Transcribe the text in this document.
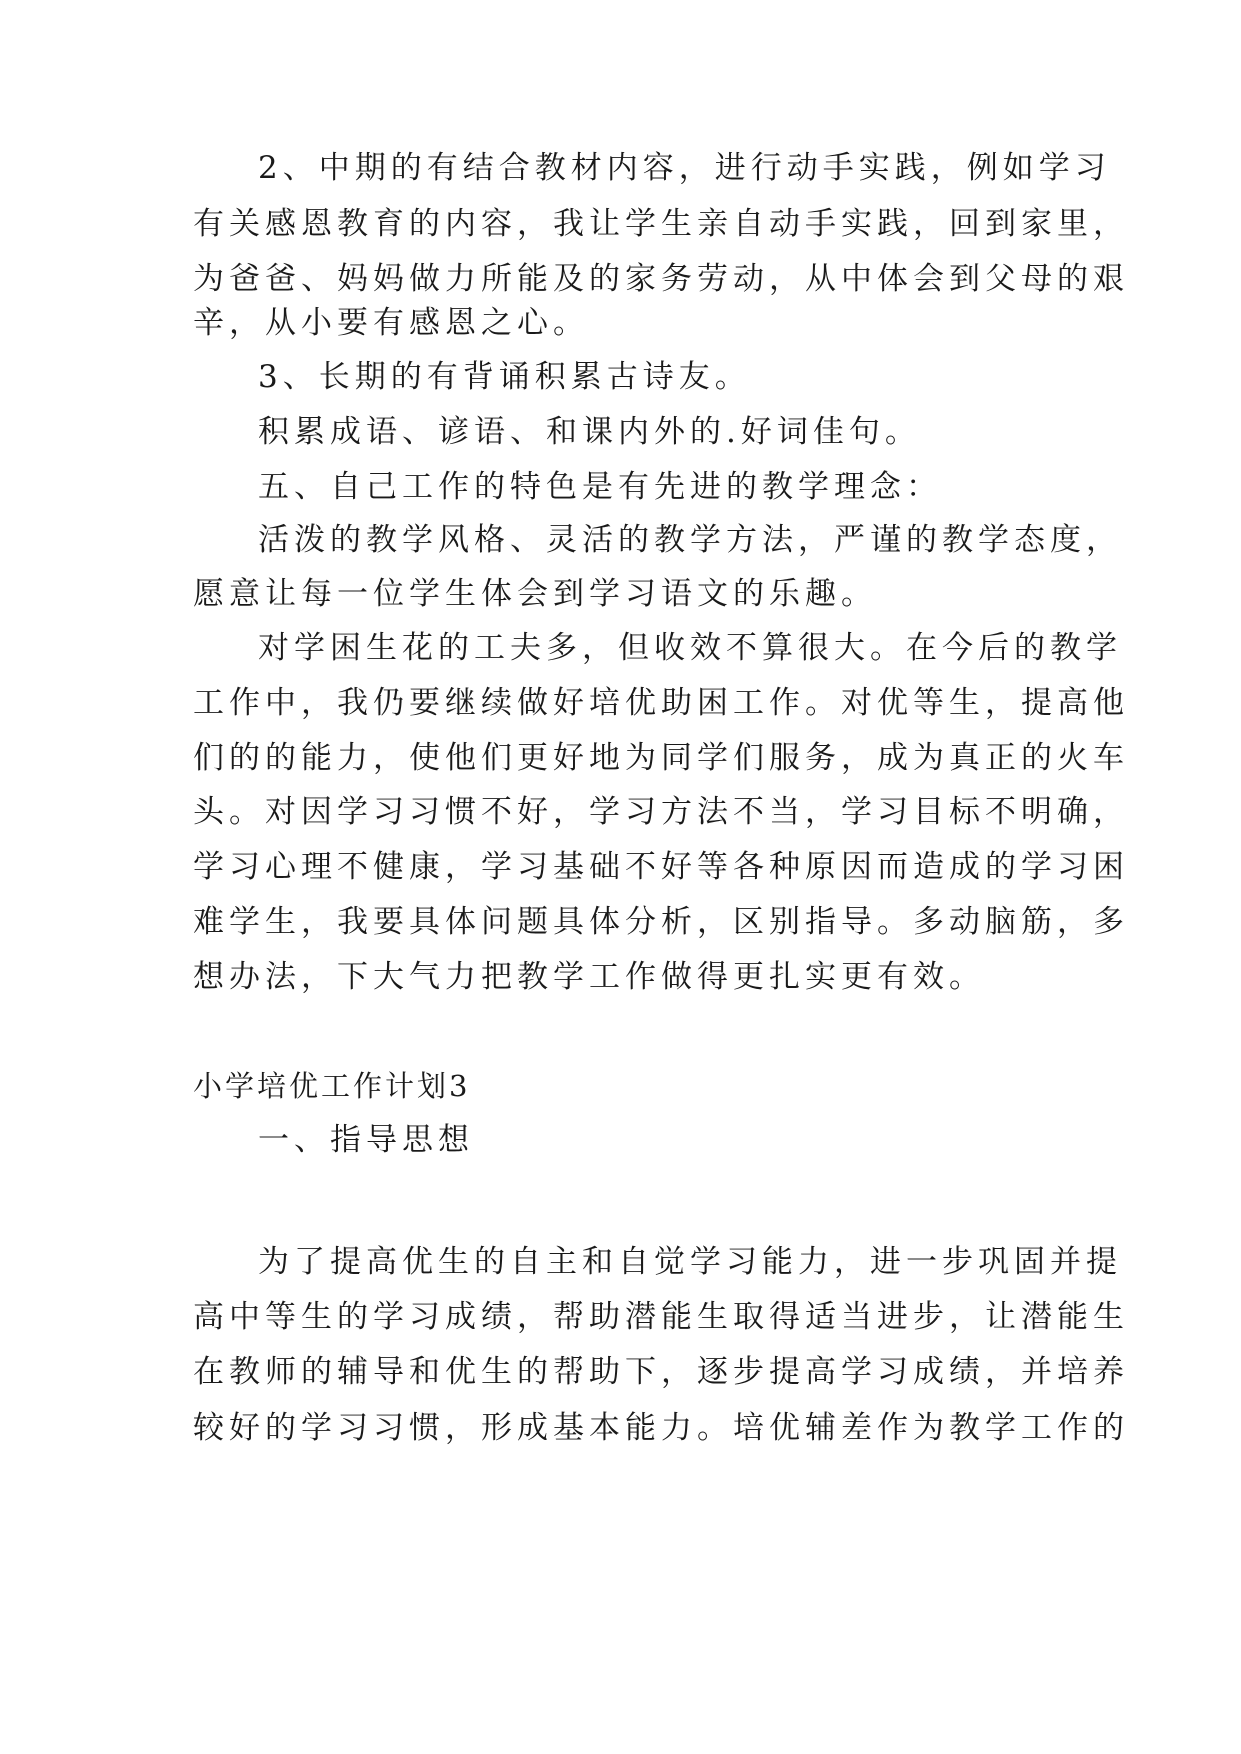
2、中期的有结合教材内容，进行动手实践，例如学习
有关感恩教育的内容，我让学生亲自动手实践，回到家里，
为爸爸、妈妈做力所能及的家务劳动，从中体会到父母的艰
辛，从小要有感恩之心。
3、长期的有背诵积累古诗友。
积累成语、谚语、和课内外的.好词佳句。
五、自己工作的特色是有先进的教学理念：
活泼的教学风格、灵活的教学方法，严谨的教学态度，
愿意让每一位学生体会到学习语文的乐趣。
对学困生花的工夫多，但收效不算很大。在今后的教学
工作中，我仍要继续做好培优助困工作。对优等生，提高他
们的的能力，使他们更好地为同学们服务，成为真正的火车
头。对因学习习惯不好，学习方法不当，学习目标不明确，
学习心理不健康，学习基础不好等各种原因而造成的学习困
难学生，我要具体问题具体分析，区别指导。多动脑筋，多
想办法，下大气力把教学工作做得更扎实更有效。
小学培优工作计划3
一、指导思想
为了提高优生的自主和自觉学习能力，进一步巩固并提
高中等生的学习成绩，帮助潜能生取得适当进步，让潜能生
在教师的辅导和优生的帮助下，逐步提高学习成绩，并培养
较好的学习习惯，形成基本能力。培优辅差作为教学工作的
